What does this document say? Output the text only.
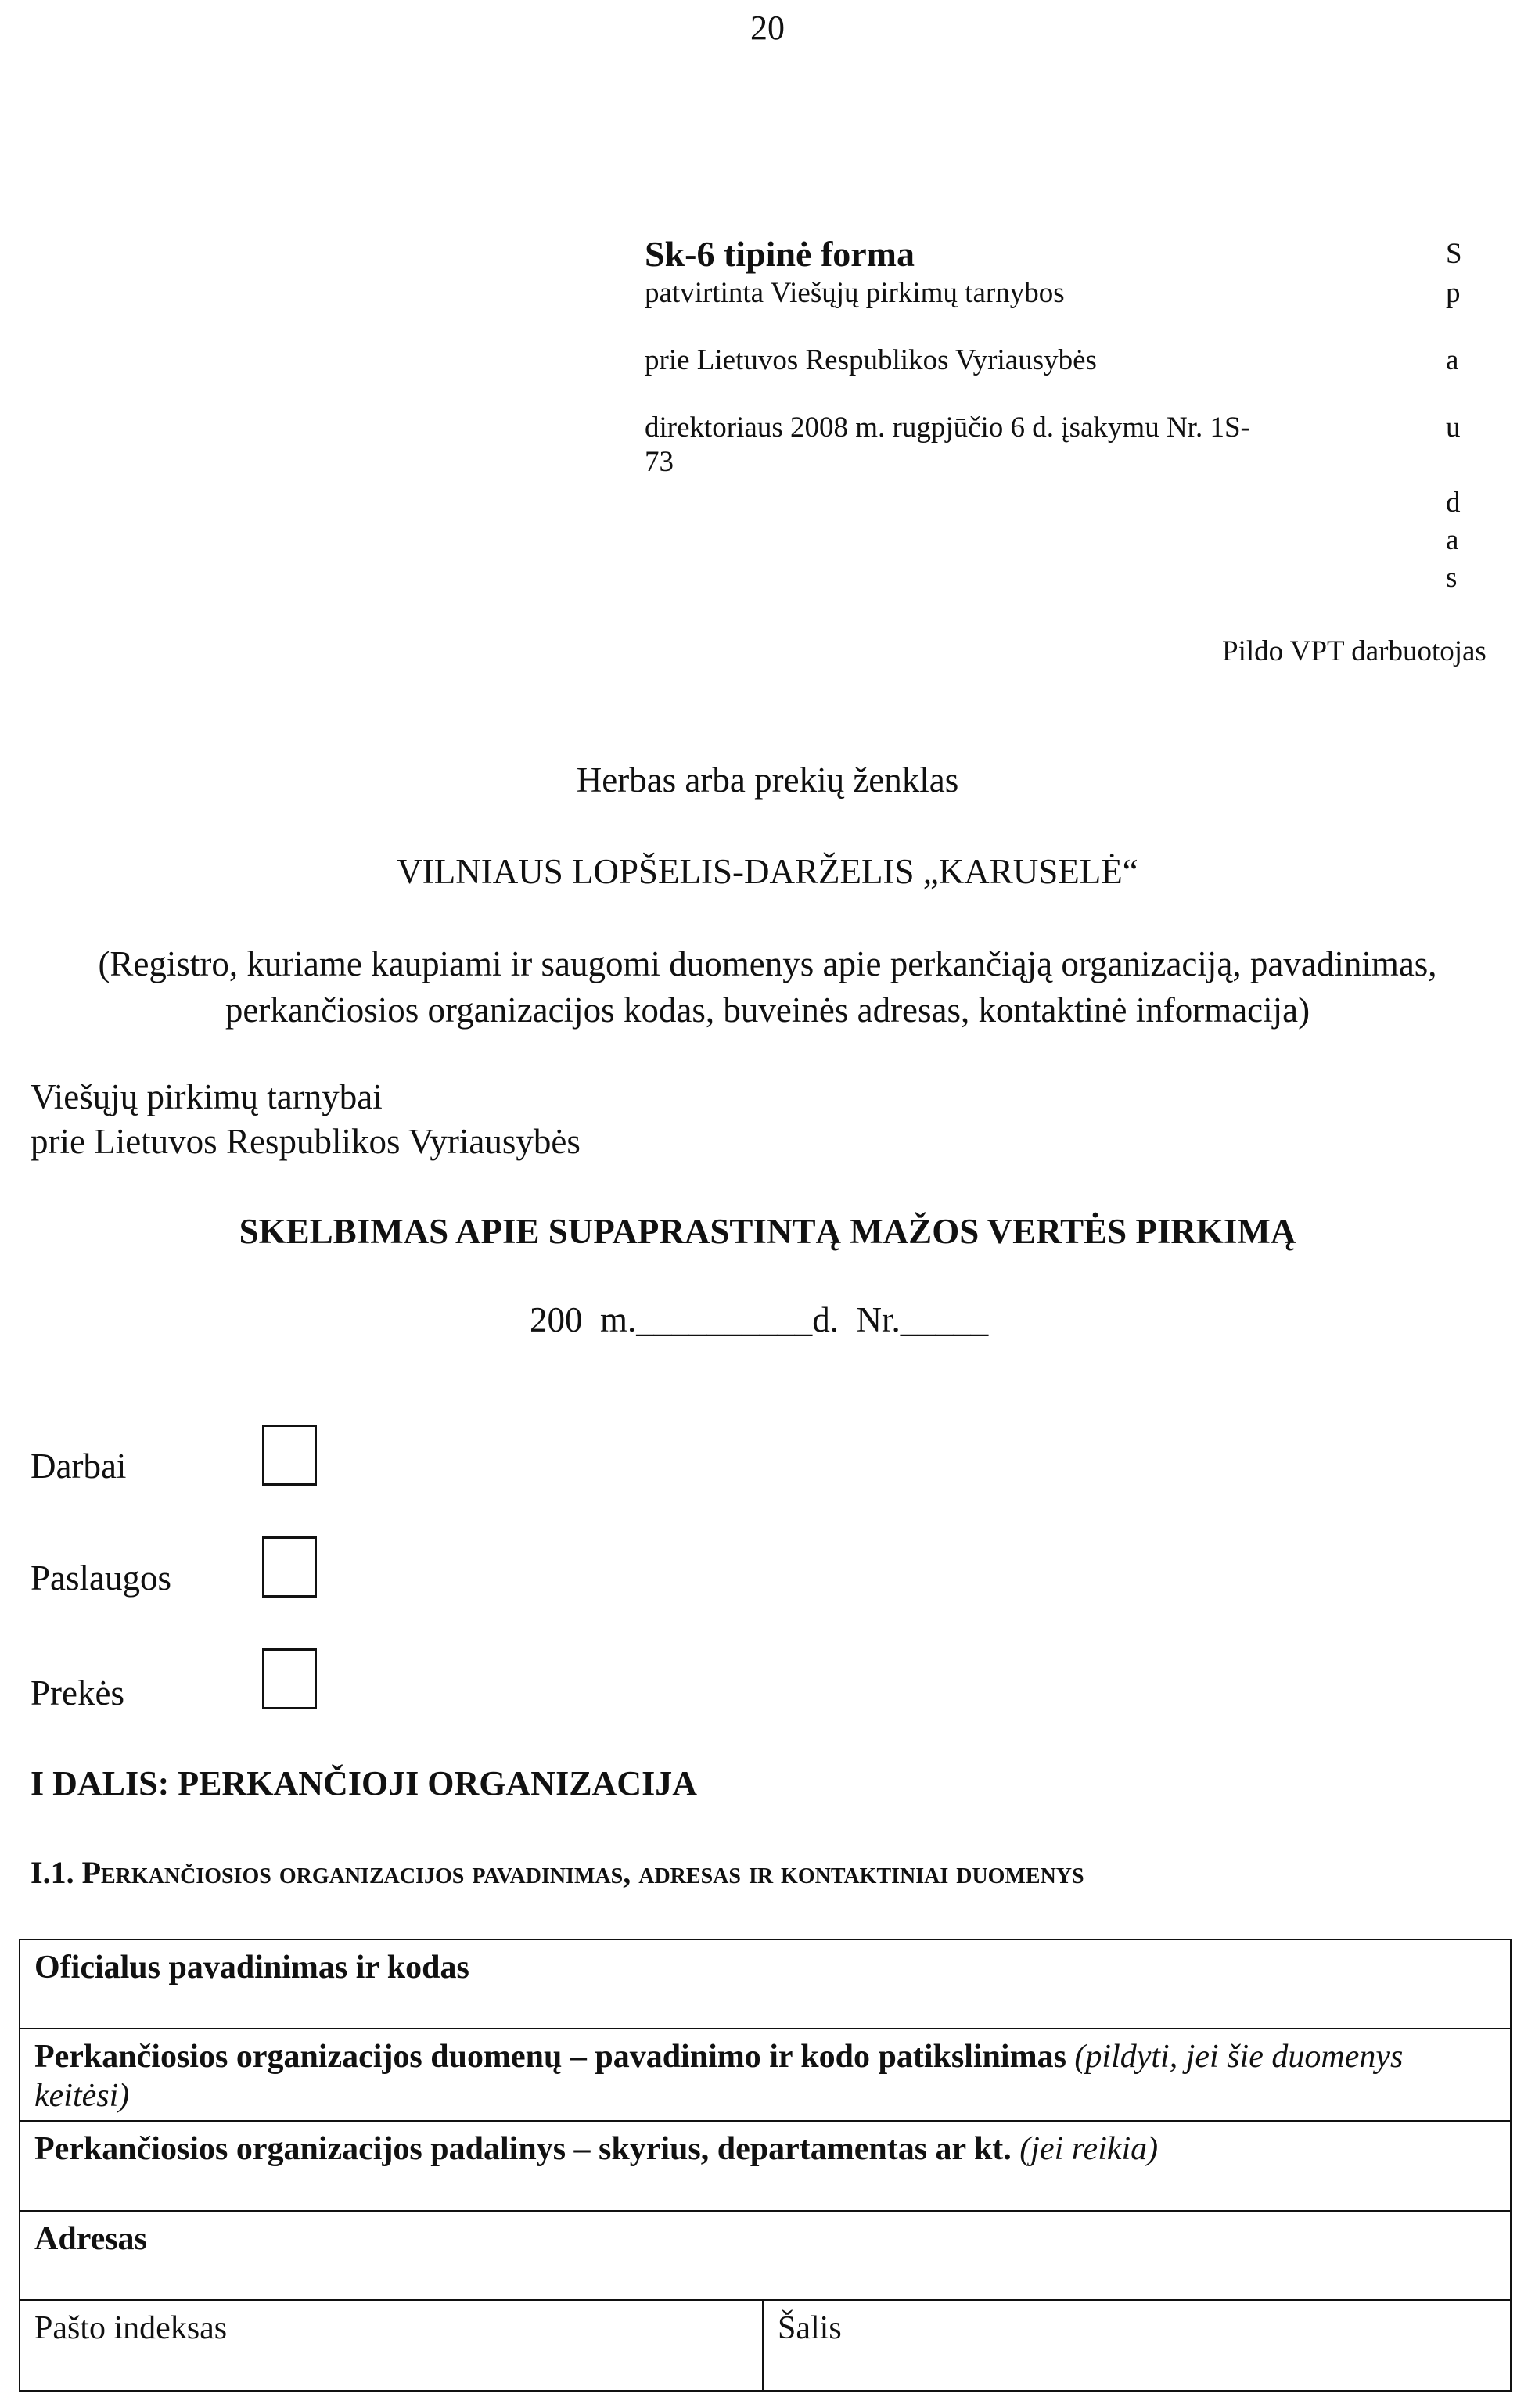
20
Sk-6 tipinė forma
patvirtinta Viešųjų pirkimų tarnybos
prie Lietuvos Respublikos Vyriausybės
direktoriaus 2008 m. rugpjūčio 6 d. įsakymu Nr. 1S-
73
S
p
a
u
d
a
s
Pildo VPT darbuotojas
Herbas arba prekių ženklas
VILNIAUS LOPŠELIS-DARŽELIS „KARUSELĖ“
(Registro, kuriame kaupiami ir saugomi duomenys apie perkančiąją organizaciją, pavadinimas,
perkančiosios organizacijos kodas, buveinės adresas, kontaktinė informacija)
Viešųjų pirkimų tarnybai
prie Lietuvos Respublikos Vyriausybės
SKELBIMAS APIE SUPAPRASTINTĄ MAŽOS VERTĖS PIRKIMĄ
200  m.__________d.  Nr._____
Darbai
Paslaugos
Prekės
I DALIS: PERKANČIOJI ORGANIZACIJA
I.1. Perkančiosios organizacijos pavadinimas, adresas ir kontaktiniai duomenys
Oficialus pavadinimas ir kodas
Perkančiosios organizacijos duomenų – pavadinimo ir kodo patikslinimas (pildyti, jei šie duomenys keitėsi)
Perkančiosios organizacijos padalinys – skyrius, departamentas ar kt. (jei reikia)
Adresas
Pašto indeksas	Šalis
